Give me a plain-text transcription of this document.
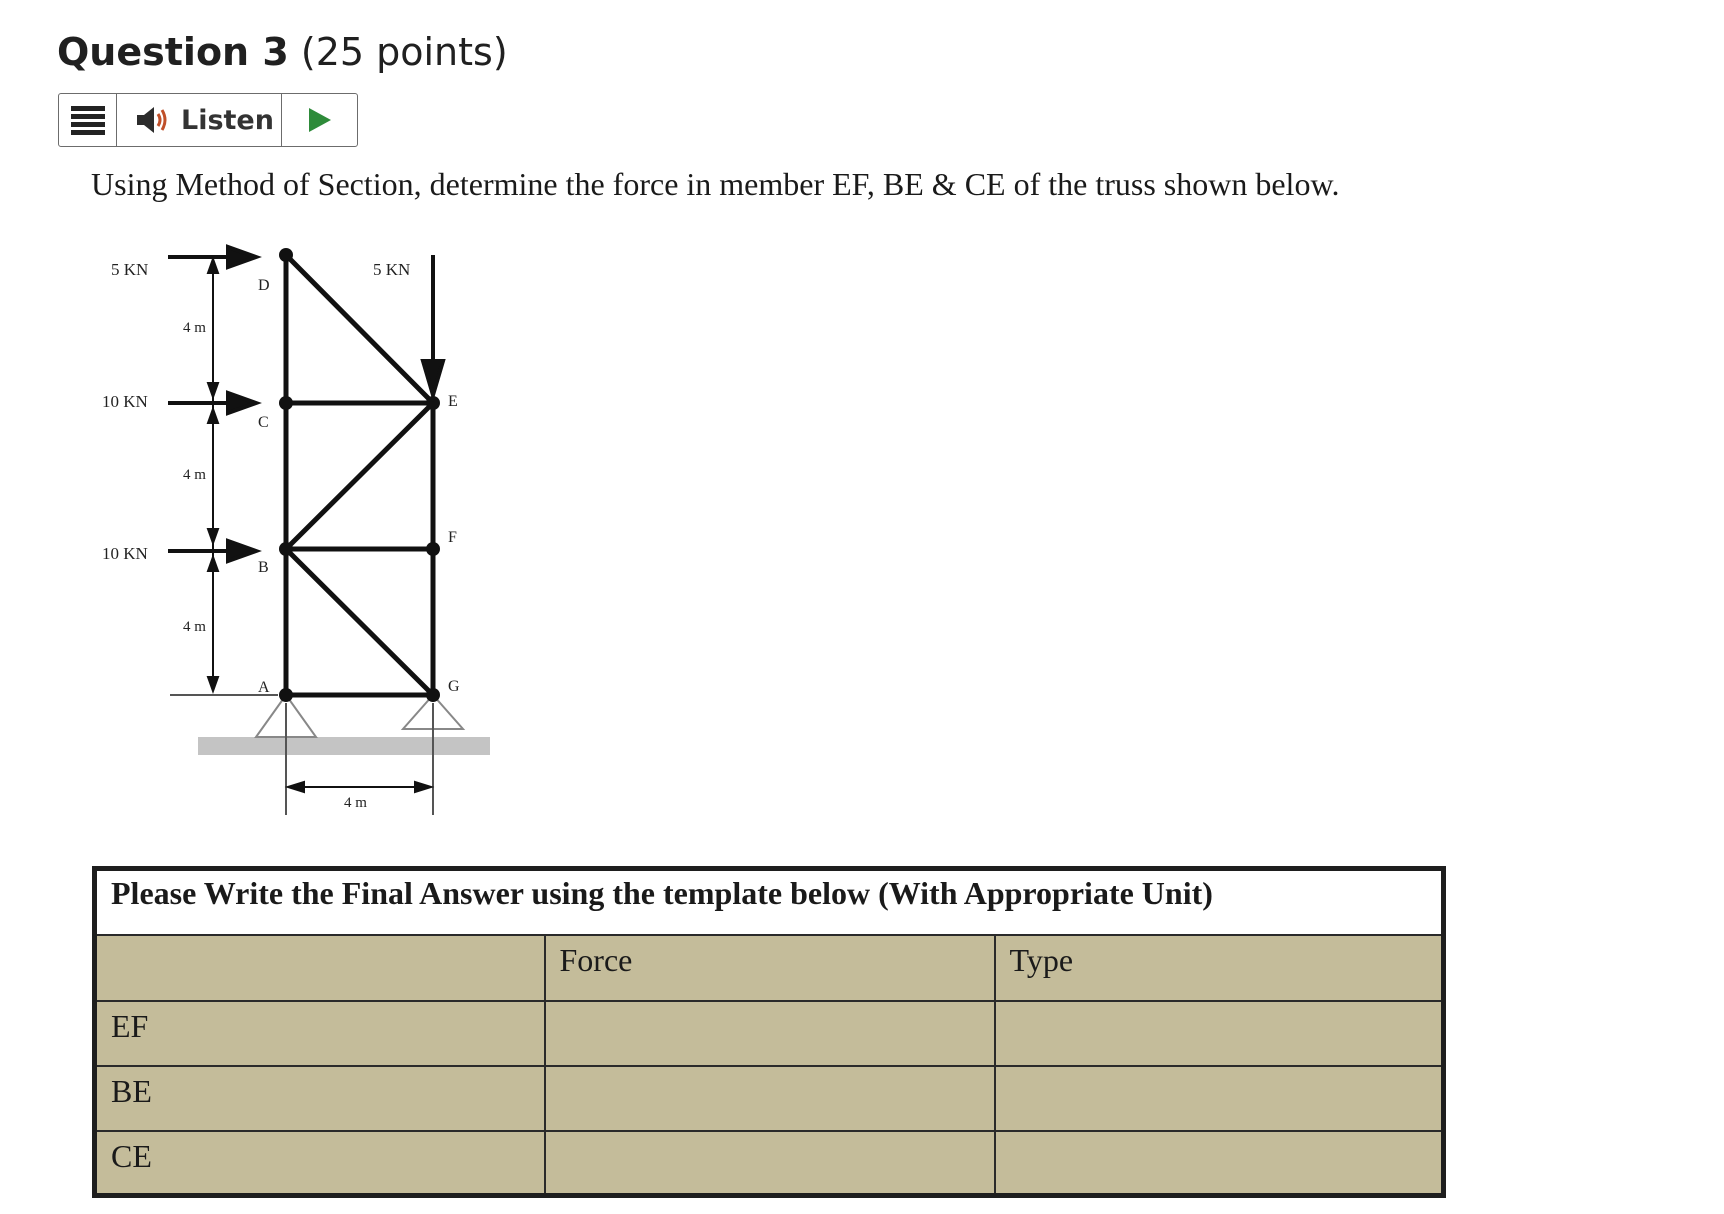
Question 3 (25 points)
Listen
Using Method of Section, determine the force in member EF, BE & CE of the truss shown below.
5 KN	5 KN
10 KN
10 KN
D
C
B
A
E
F
G
4 m
4 m
4 m
4 m
Please Write the Final Answer using the template below (With Appropriate Unit)		
	Force	Type
EF		
BE		
CE		
